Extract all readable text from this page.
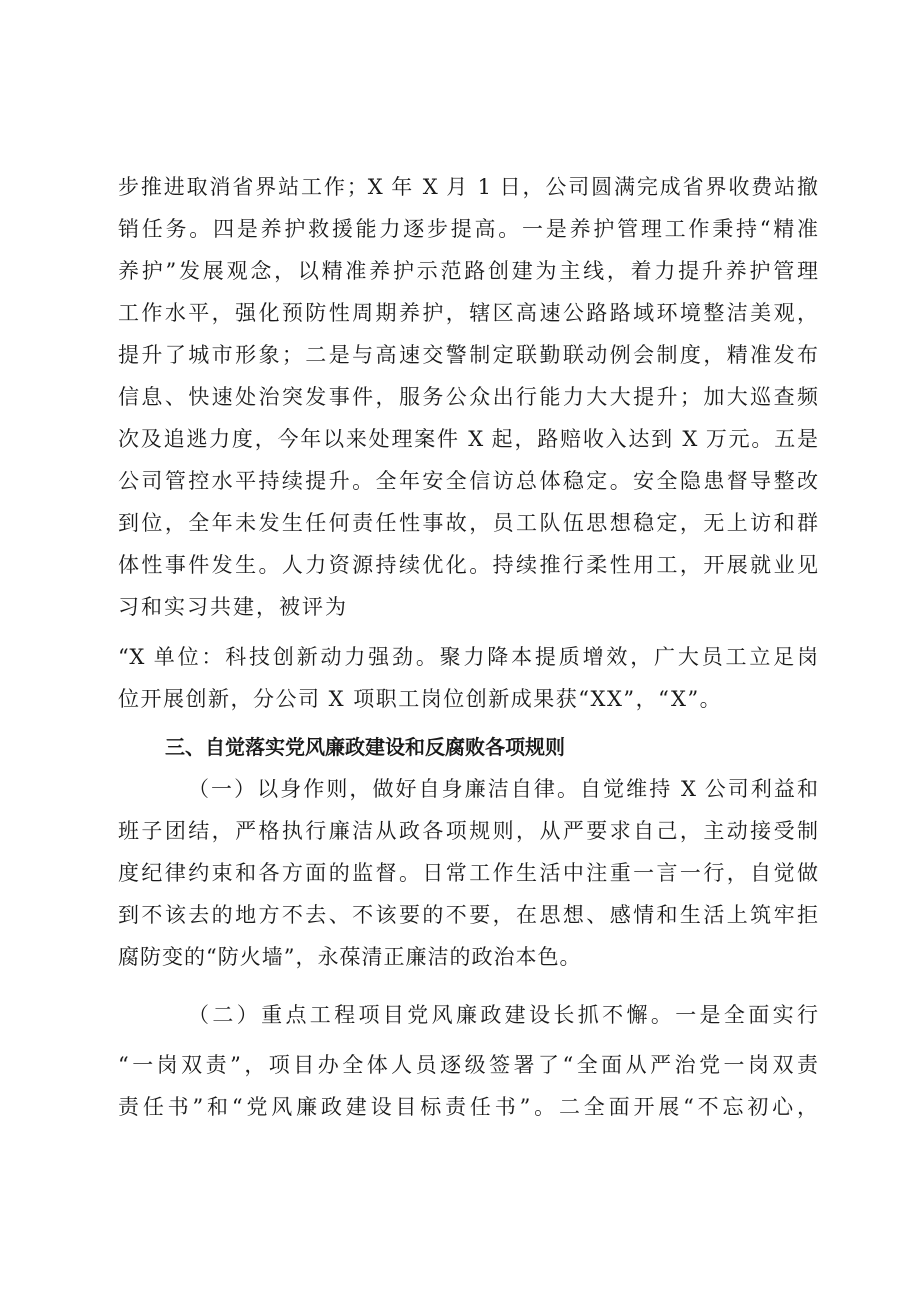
步推进取消省界站工作；X 年 X 月 1 日，公司圆满完成省界收费站撤
销任务。四是养护救援能力逐步提高。一是养护管理工作秉持“精准
养护”发展观念，以精准养护示范路创建为主线，着力提升养护管理
工作水平，强化预防性周期养护，辖区高速公路路域环境整洁美观，
提升了城市形象；二是与高速交警制定联勤联动例会制度，精准发布
信息、快速处治突发事件，服务公众出行能力大大提升；加大巡查频
次及追逃力度，今年以来处理案件 X 起，路赔收入达到 X 万元。五是
公司管控水平持续提升。全年安全信访总体稳定。安全隐患督导整改
到位，全年未发生任何责任性事故，员工队伍思想稳定，无上访和群
体性事件发生。人力资源持续优化。持续推行柔性用工，开展就业见
习和实习共建，被评为
“X 单位：科技创新动力强劲。聚力降本提质增效，广大员工立足岗
位开展创新，分公司 X 项职工岗位创新成果获“XX”，“X”。
三、自觉落实党风廉政建设和反腐败各项规则
（一）以身作则，做好自身廉洁自律。自觉维持 X 公司利益和
班子团结，严格执行廉洁从政各项规则，从严要求自己，主动接受制
度纪律约束和各方面的监督。日常工作生活中注重一言一行，自觉做
到不该去的地方不去、不该要的不要，在思想、感情和生活上筑牢拒
腐防变的“防火墙”，永葆清正廉洁的政治本色。
（二）重点工程项目党风廉政建设长抓不懈。一是全面实行
“一岗双责”，项目办全体人员逐级签署了“全面从严治党一岗双责
责任书”和“党风廉政建设目标责任书”。二全面开展“不忘初心，
